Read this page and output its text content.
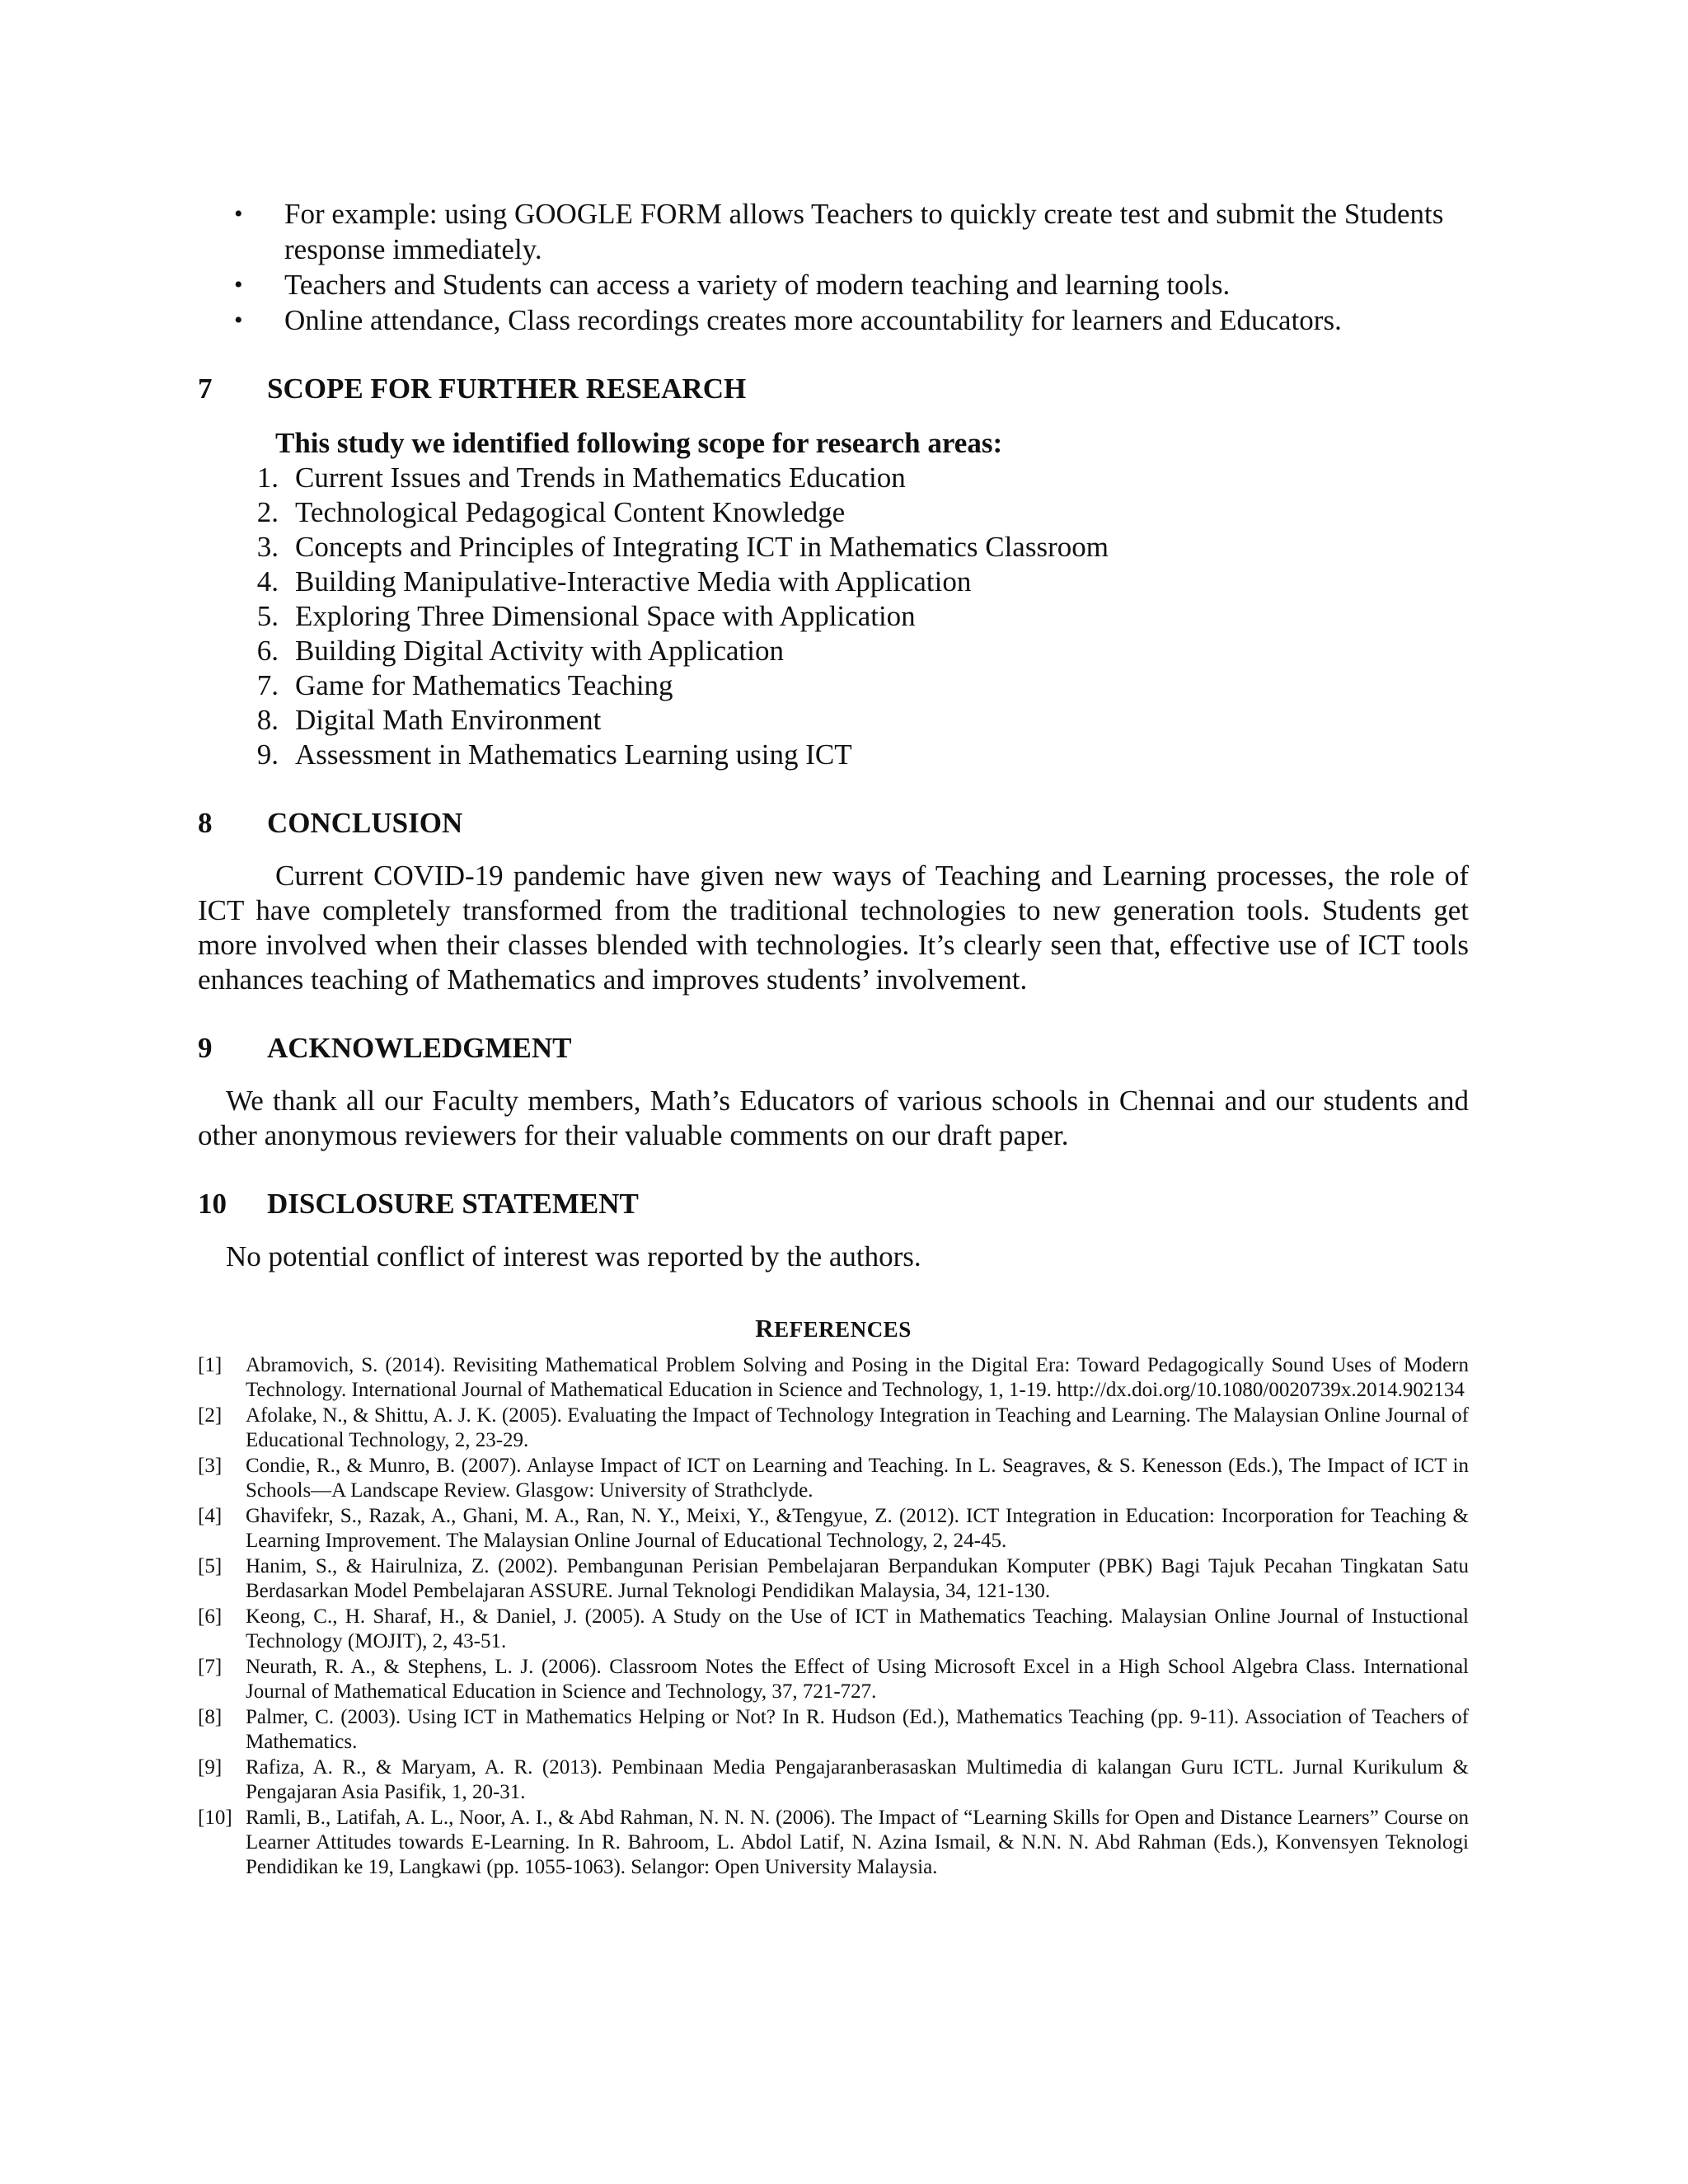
• For example: using GOOGLE FORM allows Teachers to quickly create test and submit the Students response immediately.
• Teachers and Students can access a variety of modern teaching and learning tools.
• Online attendance, Class recordings creates more accountability for learners and Educators.
7	SCOPE FOR FURTHER RESEARCH
This study we identified following scope for research areas:
1. Current Issues and Trends in Mathematics Education
2. Technological Pedagogical Content Knowledge
3. Concepts and Principles of Integrating ICT in Mathematics Classroom
4. Building Manipulative-Interactive Media with Application
5. Exploring Three Dimensional Space with Application
6. Building Digital Activity with Application
7. Game for Mathematics Teaching
8. Digital Math Environment
9. Assessment in Mathematics Learning using ICT
8	CONCLUSION

Current COVID-19 pandemic have given new ways of Teaching and Learning processes, the role of ICT have completely transformed from the traditional technologies to new generation tools. Students get more involved when their classes blended with technologies. It’s clearly seen that, effective use of ICT tools enhances teaching of Mathematics and improves students’ involvement.

9	ACKNOWLEDGMENT

We thank all our Faculty members, Math’s Educators of various schools in Chennai and our students and other anonymous reviewers for their valuable comments on our draft paper.

10	DISCLOSURE STATEMENT

No potential conflict of interest was reported by the authors.

REFERENCES
[1]	Abramovich, S. (2014). Revisiting Mathematical Problem Solving and Posing in the Digital Era: Toward Pedagogically Sound Uses of Modern Technology. International Journal of Mathematical Education in Science and Technology, 1, 1-19. http://dx.doi.org/10.1080/0020739x.2014.902134
[2]	Afolake, N., & Shittu, A. J. K. (2005). Evaluating the Impact of Technology Integration in Teaching and Learning. The Malaysian Online Journal of Educational Technology, 2, 23-29.
[3]	Condie, R., & Munro, B. (2007). Anlayse Impact of ICT on Learning and Teaching. In L. Seagraves, & S. Kenesson (Eds.), The Impact of ICT in Schools—A Landscape Review. Glasgow: University of Strathclyde.
[4]	Ghavifekr, S., Razak, A., Ghani, M. A., Ran, N. Y., Meixi, Y., &Tengyue, Z. (2012). ICT Integration in Education: Incorporation for Teaching & Learning Improvement. The Malaysian Online Journal of Educational Technology, 2, 24-45.
[5]	Hanim, S., & Hairulniza, Z. (2002). Pembangunan Perisian Pembelajaran Berpandukan Komputer (PBK) Bagi Tajuk Pecahan Tingkatan Satu Berdasarkan Model Pembelajaran ASSURE. Jurnal Teknologi Pendidikan Malaysia, 34, 121-130.
[6]	Keong, C., H. Sharaf, H., & Daniel, J. (2005). A Study on the Use of ICT in Mathematics Teaching. Malaysian Online Journal of Instuctional Technology (MOJIT), 2, 43-51.
[7]	Neurath, R. A., & Stephens, L. J. (2006). Classroom Notes the Effect of Using Microsoft Excel in a High School Algebra Class. International Journal of Mathematical Education in Science and Technology, 37, 721-727.
[8]	Palmer, C. (2003). Using ICT in Mathematics Helping or Not? In R. Hudson (Ed.), Mathematics Teaching (pp. 9-11). Association of Teachers of Mathematics.
[9]	Rafiza, A. R., & Maryam, A. R. (2013). Pembinaan Media Pengajaranberasaskan Multimedia di kalangan Guru ICTL. Jurnal Kurikulum & Pengajaran Asia Pasifik, 1, 20-31.
[10] Ramli, B., Latifah, A. L., Noor, A. I., & Abd Rahman, N. N. N. (2006). The Impact of “Learning Skills for Open and Distance Learners” Course on Learner Attitudes towards E-Learning. In R. Bahroom, L. Abdol Latif, N. Azina Ismail, & N.N. N. Abd Rahman (Eds.), Konvensyen Teknologi Pendidikan ke 19, Langkawi (pp. 1055-1063). Selangor: Open University Malaysia.
